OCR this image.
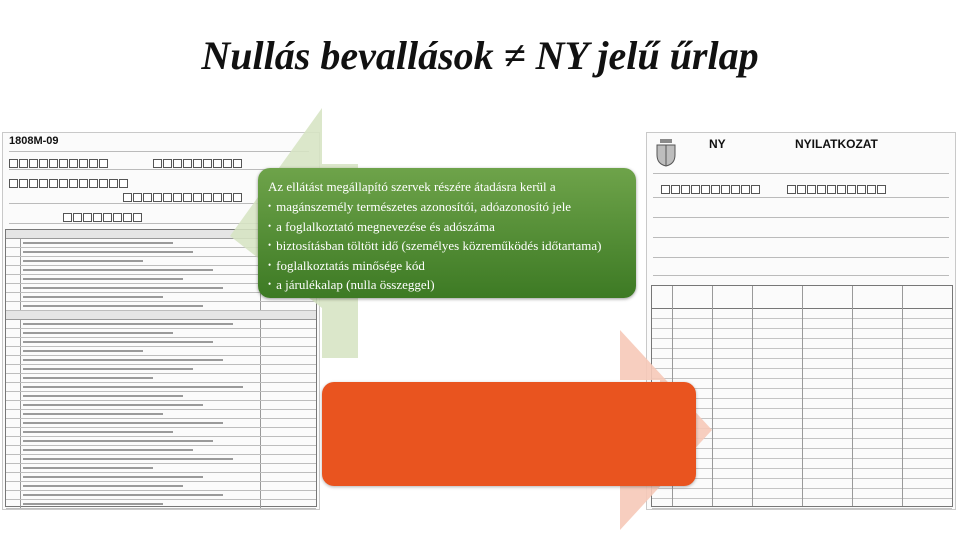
Nullás bevallások ≠ NY jelű űrlap
1808M-09	NY	NYILATKOZAT
Az ellátást megállapító szervek részére átadásra kerül a
• magánszemély természetes azonosítói, adóazonosító jele
• a foglalkoztató megnevezése és adószáma
• biztosításban töltött idő (személyes közreműködés időtartama)
• foglalkoztatás minősége kód
• a járulékalap (nulla összeggel)
